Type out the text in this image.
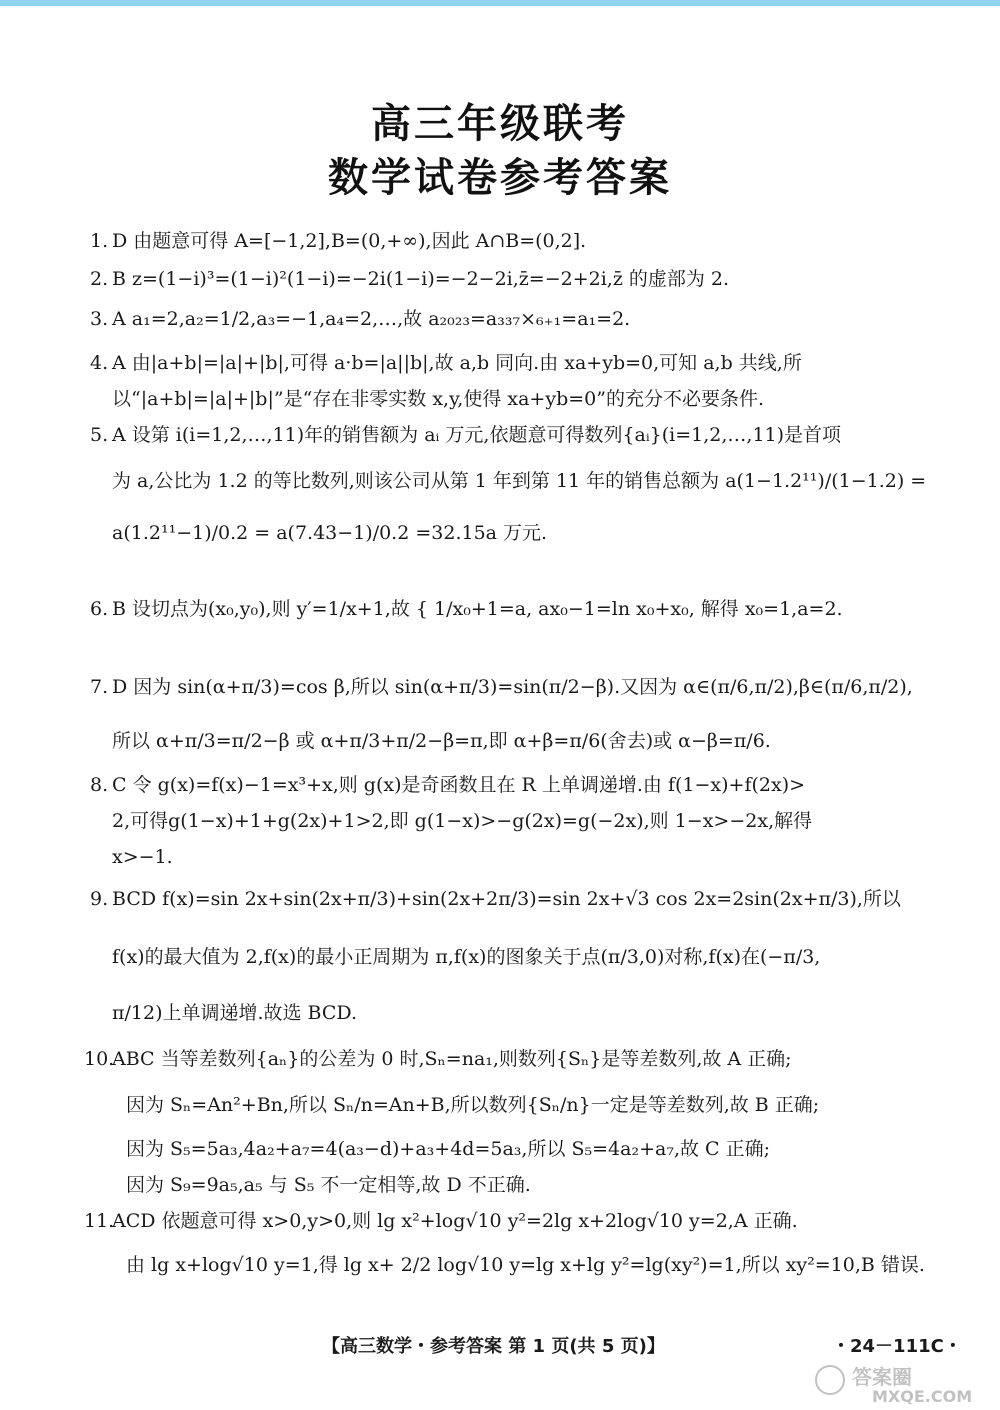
高三年级联考
数学试卷参考答案
1. D 由题意可得 A=[−1,2],B=(0,+∞),因此 A∩B=(0,2].
2. B z=(1−i)³=(1−i)²(1−i)=−2i(1−i)=−2−2i,z̄=−2+2i,z̄ 的虚部为 2.
3. A a₁=2,a₂=1/2,a₃=−1,a₄=2,…,故 a₂₀₂₃=a₃₃₇×₆₊₁=a₁=2.
4. A 由|a+b|=|a|+|b|,可得 a·b=|a||b|,故 a,b 同向.由 xa+yb=0,可知 a,b 共线,所
以“|a+b|=|a|+|b|”是“存在非零实数 x,y,使得 xa+yb=0”的充分不必要条件.
5. A 设第 i(i=1,2,…,11)年的销售额为 aᵢ 万元,依题意可得数列{aᵢ}(i=1,2,…,11)是首项
为 a,公比为 1.2 的等比数列,则该公司从第 1 年到第 11 年的销售总额为 a(1−1.2¹¹)/(1−1.2) =
a(1.2¹¹−1)/0.2 = a(7.43−1)/0.2 =32.15a 万元.
6. B 设切点为(x₀,y₀),则 y′=1/x+1,故 { 1/x₀+1=a, ax₀−1=ln x₀+x₀, 解得 x₀=1,a=2.
7. D 因为 sin(α+π/3)=cos β,所以 sin(α+π/3)=sin(π/2−β).又因为 α∈(π/6,π/2),β∈(π/6,π/2),
所以 α+π/3=π/2−β 或 α+π/3+π/2−β=π,即 α+β=π/6(舍去)或 α−β=π/6.
8. C 令 g(x)=f(x)−1=x³+x,则 g(x)是奇函数且在 R 上单调递增.由 f(1−x)+f(2x)>
2,可得g(1−x)+1+g(2x)+1>2,即 g(1−x)>−g(2x)=g(−2x),则 1−x>−2x,解得
x>−1.
9. BCD f(x)=sin 2x+sin(2x+π/3)+sin(2x+2π/3)=sin 2x+√3 cos 2x=2sin(2x+π/3),所以
f(x)的最大值为 2,f(x)的最小正周期为 π,f(x)的图象关于点(π/3,0)对称,f(x)在(−π/3,
π/12)上单调递增.故选 BCD.
10.
ABC 当等差数列{aₙ}的公差为 0 时,Sₙ=na₁,则数列{Sₙ}是等差数列,故 A 正确;
因为 Sₙ=An²+Bn,所以 Sₙ/n=An+B,所以数列{Sₙ/n}一定是等差数列,故 B 正确;
因为 S₅=5a₃,4a₂+a₇=4(a₃−d)+a₃+4d=5a₃,所以 S₅=4a₂+a₇,故 C 正确;
因为 S₉=9a₅,a₅ 与 S₅ 不一定相等,故 D 不正确.
11.
ACD 依题意可得 x>0,y>0,则 lg x²+log√10 y²=2lg x+2log√10 y=2,A 正确.
由 lg x+log√10 y=1,得 lg x+ 2/2 log√10 y=lg x+lg y²=lg(xy²)=1,所以 xy²=10,B 错误.
【高三数学・参考答案 第 1 页(共 5 页)】	・24－111C・
答案圈
MXQE.COM
